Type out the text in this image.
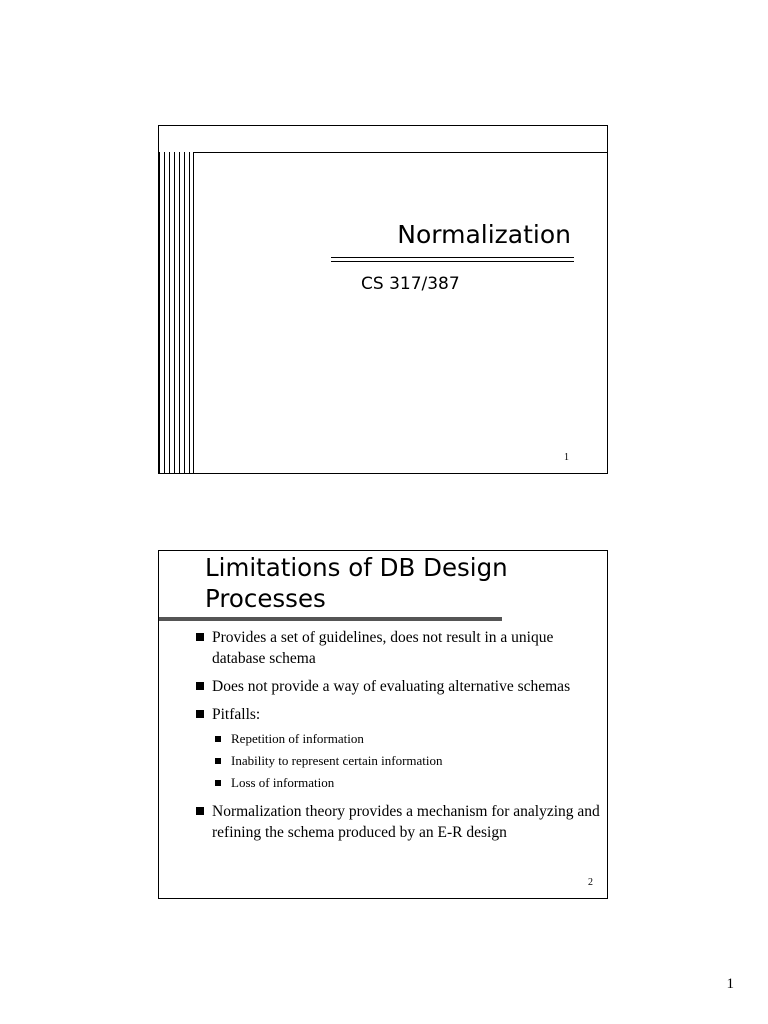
Normalization
CS 317/387
1
Limitations of DB Design
Processes
Provides a set of guidelines, does not result in a unique database schema
Does not provide a way of evaluating alternative schemas
Pitfalls:
Repetition of information
Inability to represent certain information
Loss of information
Normalization theory provides a mechanism for analyzing and refining the schema produced by an E-R design
2
1
